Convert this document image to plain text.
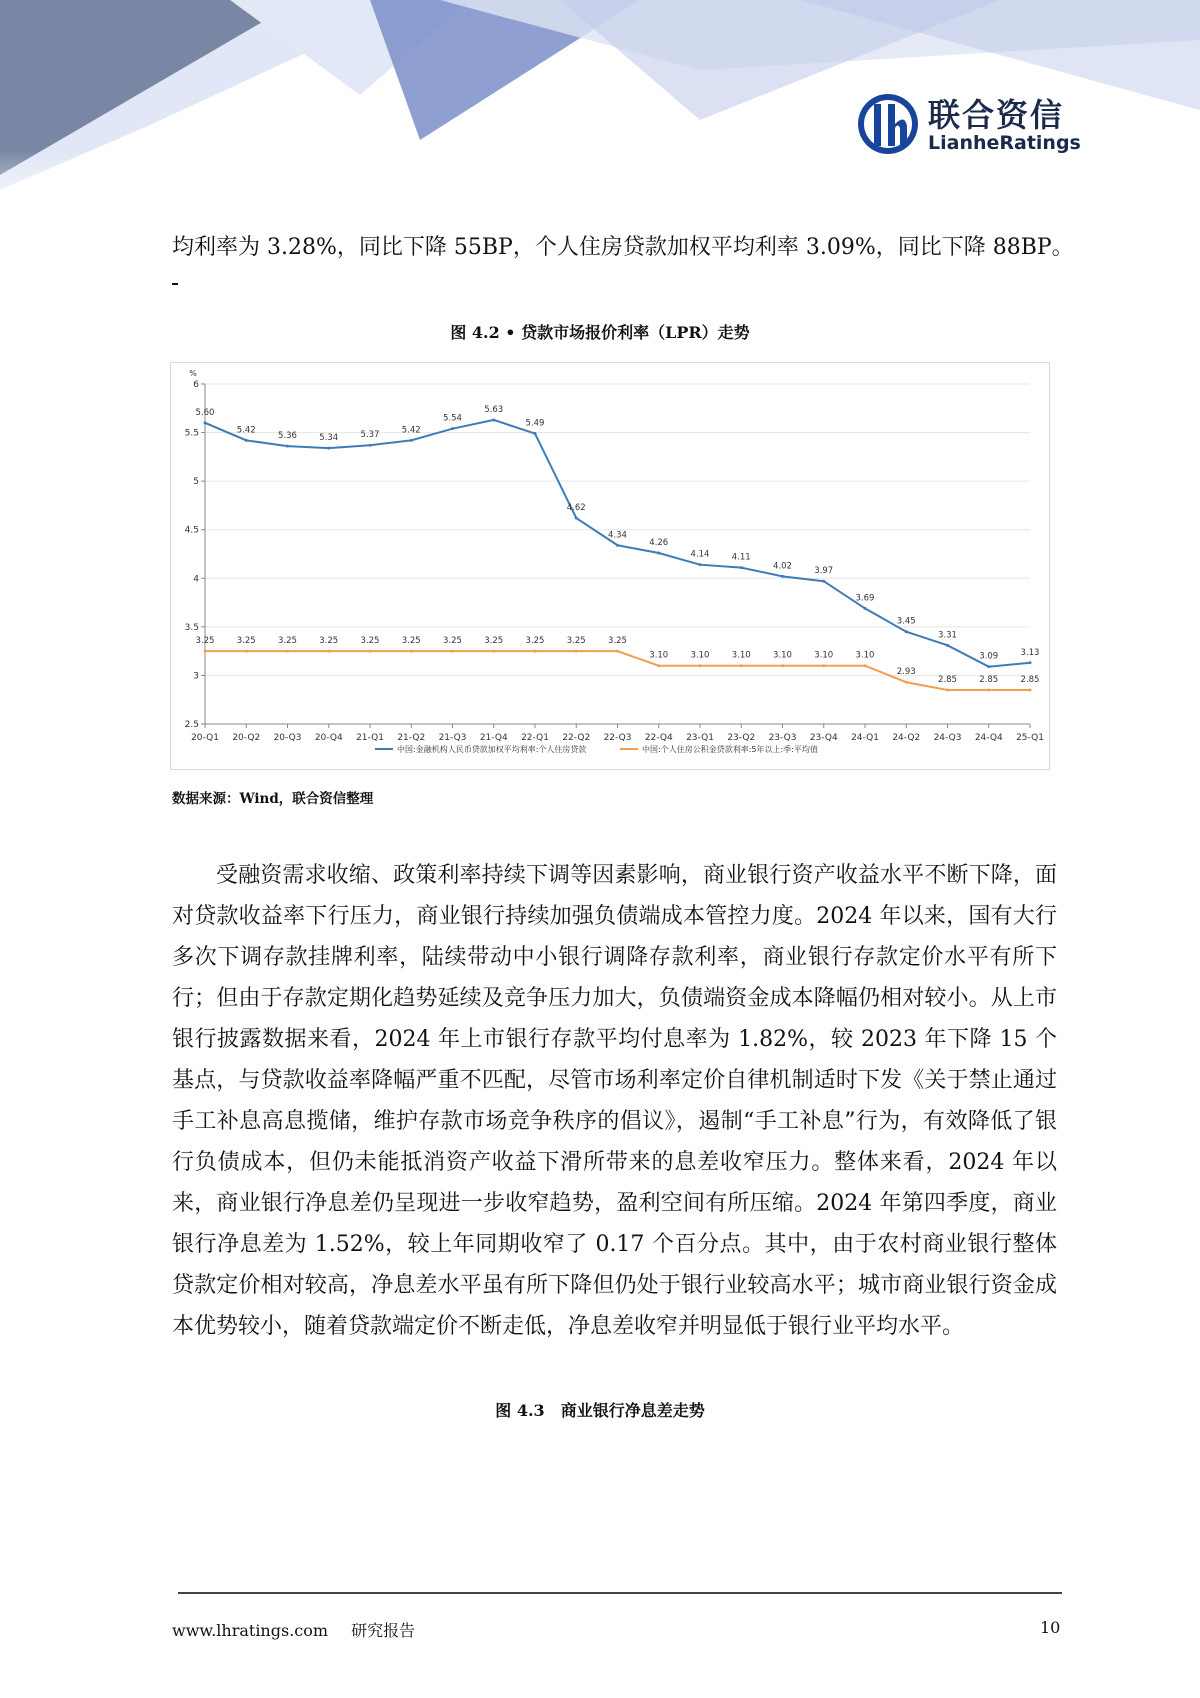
联合资信
LianheRatings

均利率为 3.28%，同比下降 55BP，个人住房贷款加权平均利率 3.09%，同比下降 88BP。

图 4.2 • 贷款市场报价利率（LPR）走势
2.5
3
3.5
4
4.5
5
5.5
6
%
20-Q1 20-Q2 20-Q3 20-Q4 21-Q1 21-Q2 21-Q3 21-Q4 22-Q1 22-Q2 22-Q3 22-Q4 23-Q1 23-Q2 23-Q3 23-Q4 24-Q1 24-Q2 24-Q3 24-Q4 25-Q1
5.60
5.42
5.36	5.34	5.37	5.42
5.54
5.63
5.49
4.62
4.34
4.26
4.14	4.11
4.02	3.97
3.69
3.45
3.31
3.09	3.13
3.25	3.25	3.25	3.25	3.25	3.25	3.25	3.25	3.25	3.25	3.25
3.10	3.10	3.10	3.10	3.10	3.10
2.93
2.85	2.85	2.85
中国:金融机构人民币贷款加权平均利率:个人住房贷款	中国:个人住房公积金贷款利率:5年以上:季:平均值
数据来源：Wind，联合资信整理

受融资需求收缩、政策利率持续下调等因素影响，商业银行资产收益水平不断下降，面对贷款收益率下行压力，商业银行持续加强负债端成本管控力度。2024 年以来，国有大行多次下调存款挂牌利率，陆续带动中小银行调降存款利率，商业银行存款定价水平有所下行；但由于存款定期化趋势延续及竞争压力加大，负债端资金成本降幅仍相对较小。从上市银行披露数据来看，2024 年上市银行存款平均付息率为 1.82%，较 2023 年下降 15 个基点，与贷款收益率降幅严重不匹配，尽管市场利率定价自律机制适时下发《关于禁止通过手工补息高息揽储，维护存款市场竞争秩序的倡议》，遏制“手工补息”行为，有效降低了银行负债成本，但仍未能抵消资产收益下滑所带来的息差收窄压力。整体来看，2024 年以来，商业银行净息差仍呈现进一步收窄趋势，盈利空间有所压缩。2024 年第四季度，商业银行净息差为 1.52%，较上年同期收窄了 0.17 个百分点。其中，由于农村商业银行整体贷款定价相对较高，净息差水平虽有所下降但仍处于银行业较高水平；城市商业银行资金成本优势较小，随着贷款端定价不断走低，净息差收窄并明显低于银行业平均水平。

图 4.3　商业银行净息差走势
www.lhratings.com 研究报告	10
